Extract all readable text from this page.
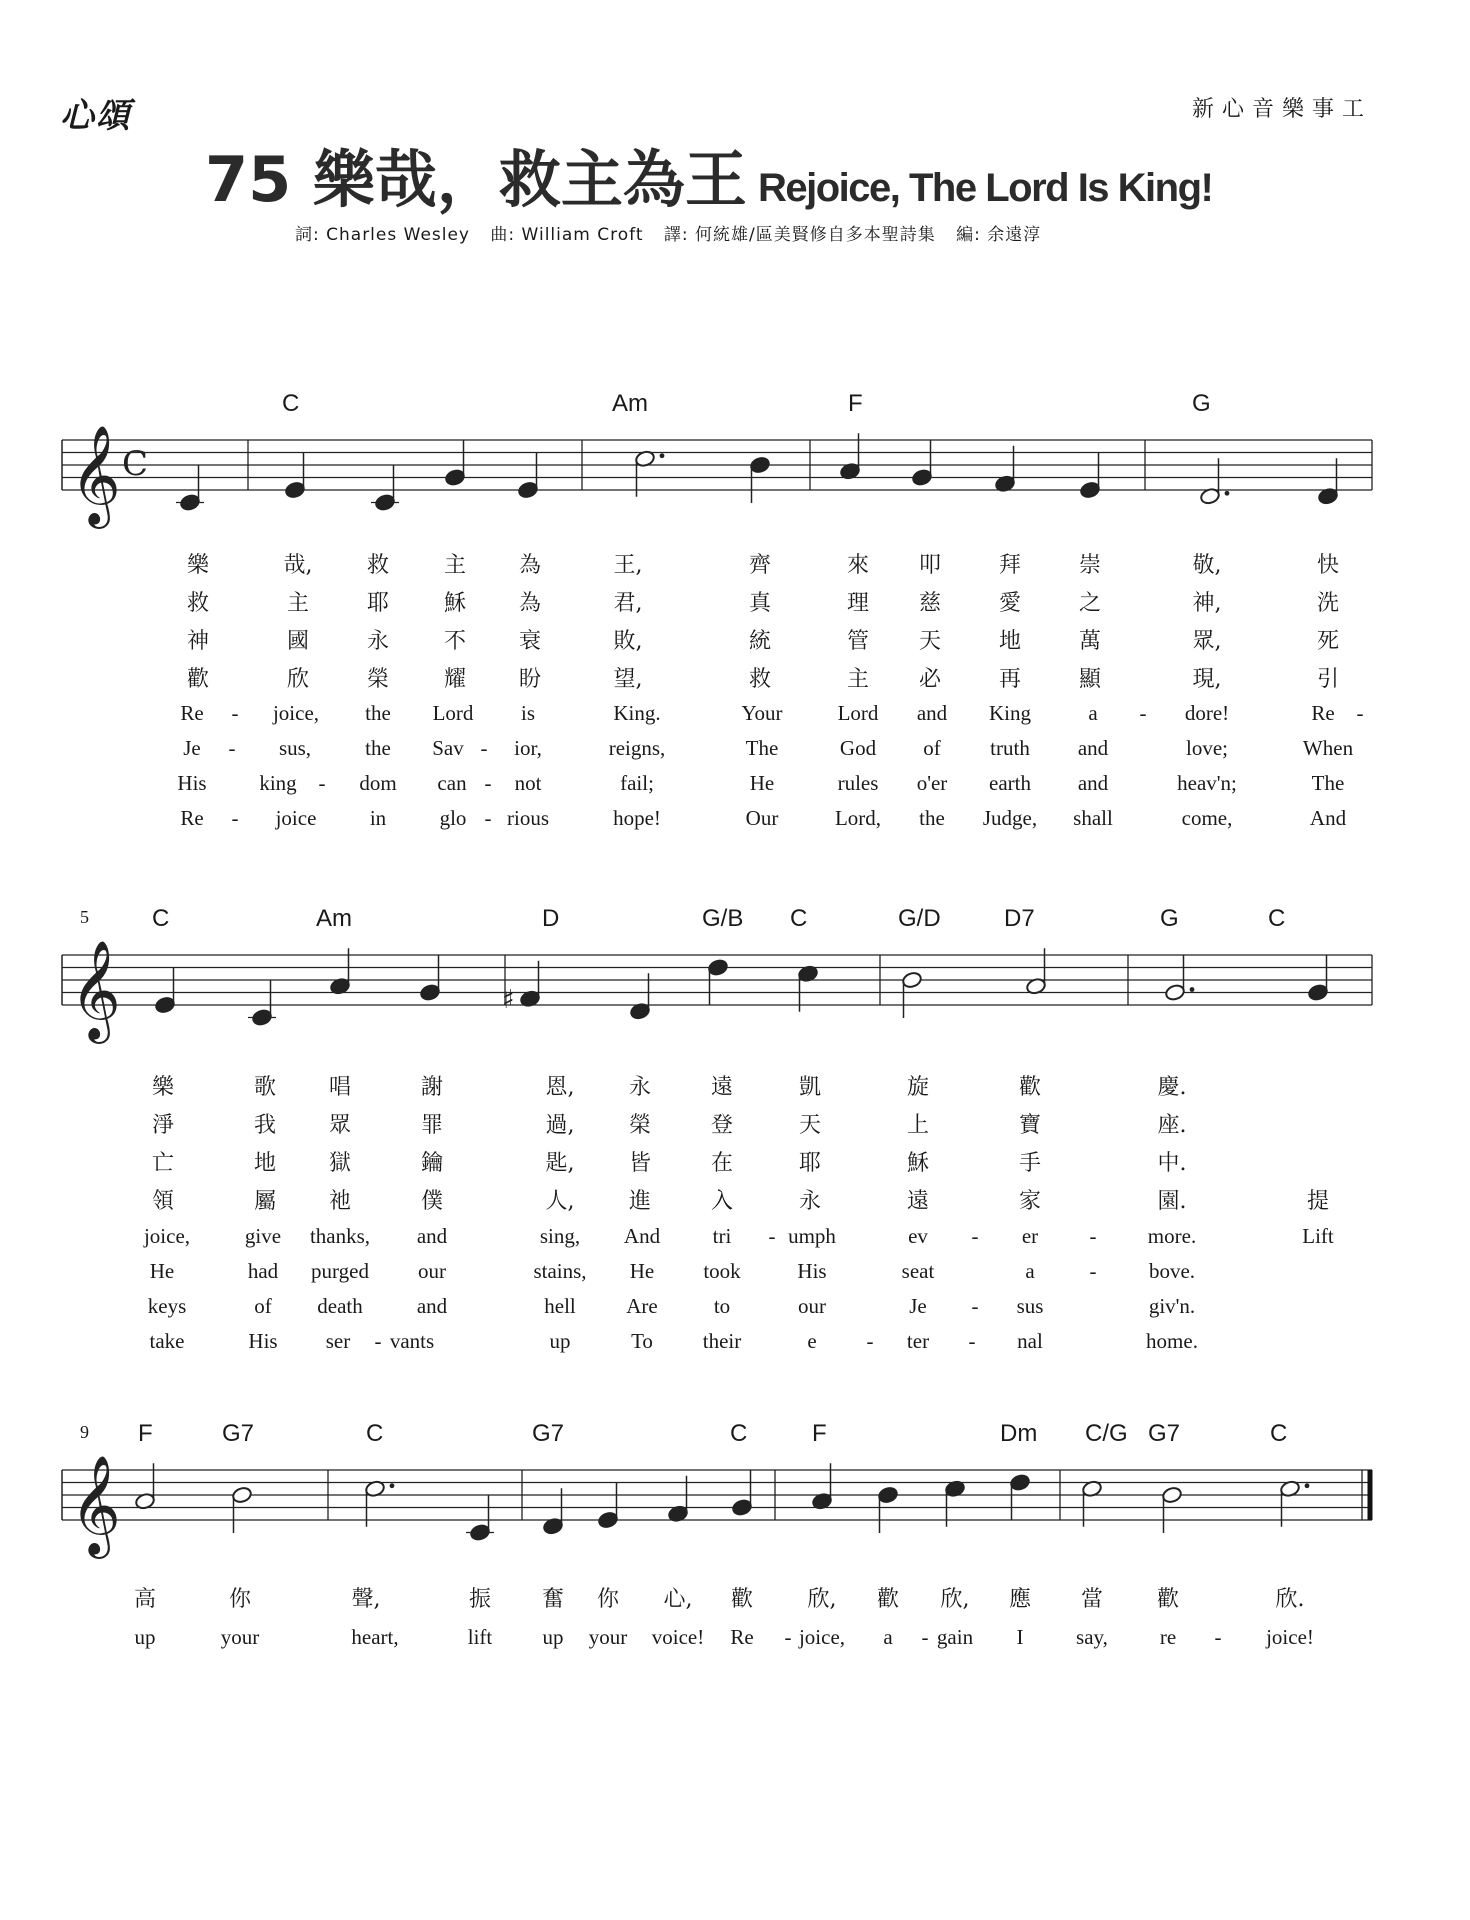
心頌	新心音樂事工
75 樂哉，救主為王 Rejoice, The Lord Is King!
詞: Charles Wesley 曲: William Croft 譯: 何統雄/區美賢修自多本聖詩集 編: 余遠淳
𝄞 C
C	Am	F	G
樂	哉, 救 主 為	王,	齊	來 叩	拜	崇	敬,	快
救	主	耶 穌 為	君,	真	理 慈	愛	之	神,	洗
神	國	永 不 衰	敗,	統	管 天	地	萬	眾,	死
歡	欣	榮 耀 盼	望,	救	主 必	再	顯	現,	引
Re - joice, the Lord is	King.	Your	Lord and King	a - dore!	Re -
Je - sus,	the Sav - ior,	reigns,	The	God of truth and	love;	When
His	king - dom can - not	fail;	He	rules o'er earth and	heav'n;	The
Re - joice	in	glo - rious	hope!	Our	Lord, the Judge, shall	come,	And
𝄞	♯
5	C	Am	D	G/B C	G/D	D7	G	C
樂	歌 唱	謝	恩, 永	遠	凱	旋	歡	慶.
淨	我 眾	罪	過, 榮	登	天	上	寶	座.
亡	地 獄	鑰	匙, 皆	在	耶	穌	手	中.
領	屬 祂	僕	人, 進	入	永	遠	家	園.	提
joice,	give thanks, and	sing, And	tri - umph	ev - er - more.	Lift
He	had purged our	stains, He took	His	seat	a	- bove.
keys	of death	and	hell Are	to	our	Je - sus	giv'n.
take	His ser - vants	up	To their	e - ter - nal	home.
𝄞
9 F	G7	C	G7	C	F	Dm C/G G7	C
高	你	聲,	振 奮 你 心, 歡 欣, 歡 欣, 應 當 歡	欣.
up	your	heart,	lift up your voice! Re - joice, a - gain I	say, re - joice!
